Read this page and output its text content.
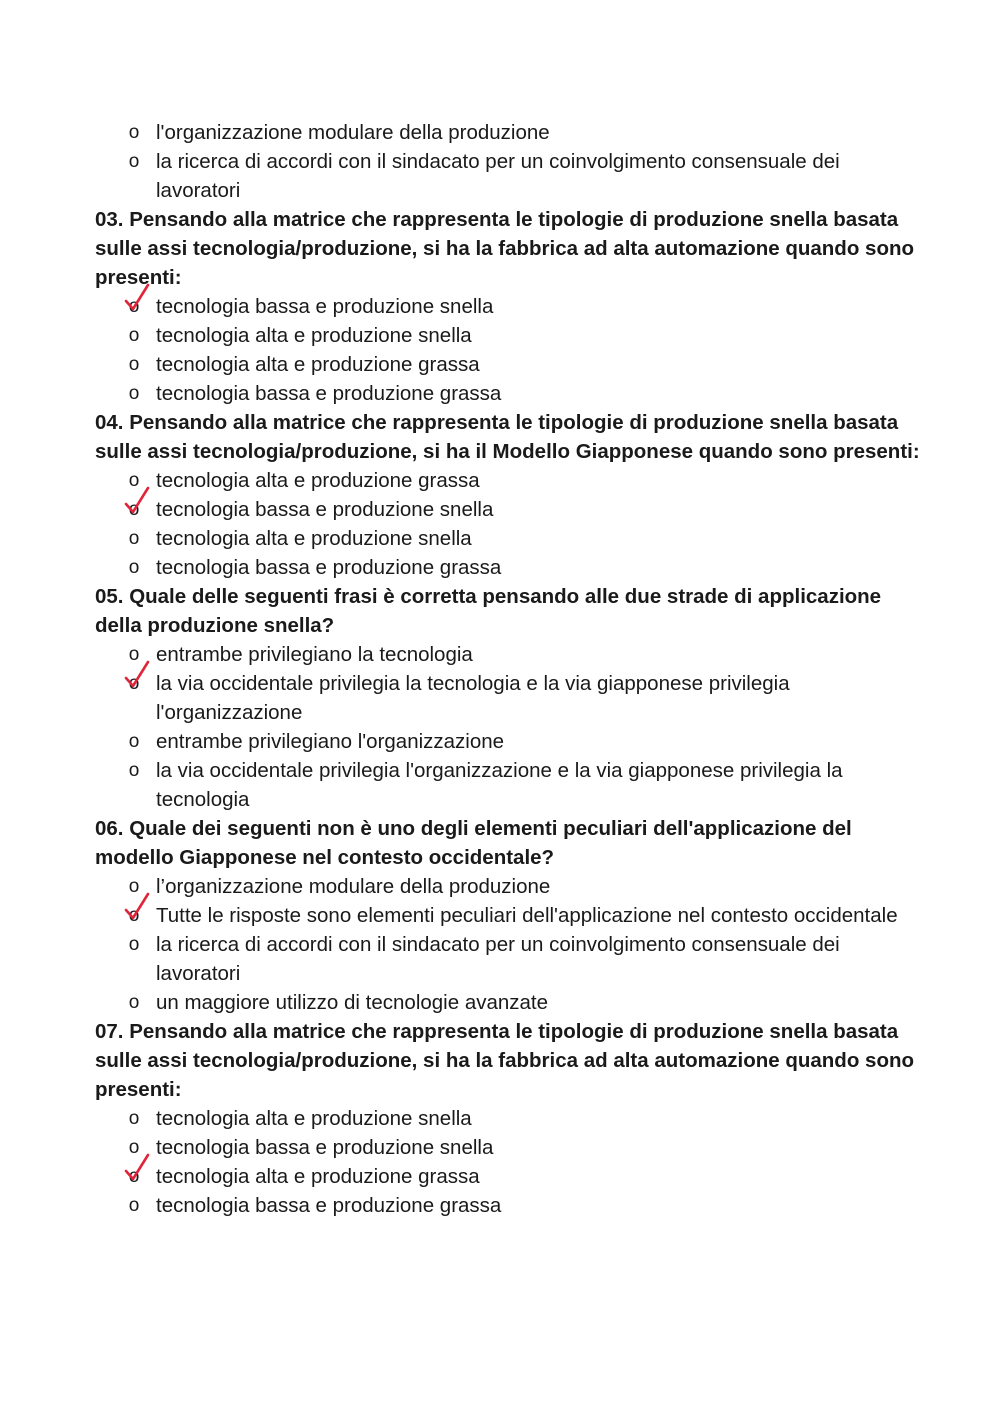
o l'organizzazione modulare della produzione
o la ricerca di accordi con il sindacato per un coinvolgimento consensuale dei lavoratori

03. Pensando alla matrice che rappresenta le tipologie di produzione snella basata sulle assi tecnologia/produzione, si ha la fabbrica ad alta automazione quando sono presenti:

o tecnologia bassa e produzione snella
o tecnologia alta e produzione snella
o tecnologia alta e produzione grassa
o tecnologia bassa e produzione grassa

04. Pensando alla matrice che rappresenta le tipologie di produzione snella basata sulle assi tecnologia/produzione, si ha il Modello Giapponese quando sono presenti:

o tecnologia alta e produzione grassa
o tecnologia bassa e produzione snella
o tecnologia alta e produzione snella
o tecnologia bassa e produzione grassa

05. Quale delle seguenti frasi è corretta pensando alle due strade di applicazione della produzione snella?

o entrambe privilegiano la tecnologia
o la via occidentale privilegia la tecnologia e la via giapponese privilegia l'organizzazione
o entrambe privilegiano l'organizzazione
o la via occidentale privilegia l'organizzazione e la via giapponese privilegia la tecnologia

06. Quale dei seguenti non è uno degli elementi peculiari dell'applicazione del modello Giapponese nel contesto occidentale?

o l’organizzazione modulare della produzione
o Tutte le risposte sono elementi peculiari dell'applicazione nel contesto occidentale
o la ricerca di accordi con il sindacato per un coinvolgimento consensuale dei lavoratori
o un maggiore utilizzo di tecnologie avanzate

07. Pensando alla matrice che rappresenta le tipologie di produzione snella basata sulle assi tecnologia/produzione, si ha la fabbrica ad alta automazione quando sono presenti:

o tecnologia alta e produzione snella
o tecnologia bassa e produzione snella
o tecnologia alta e produzione grassa
o tecnologia bassa e produzione grassa
